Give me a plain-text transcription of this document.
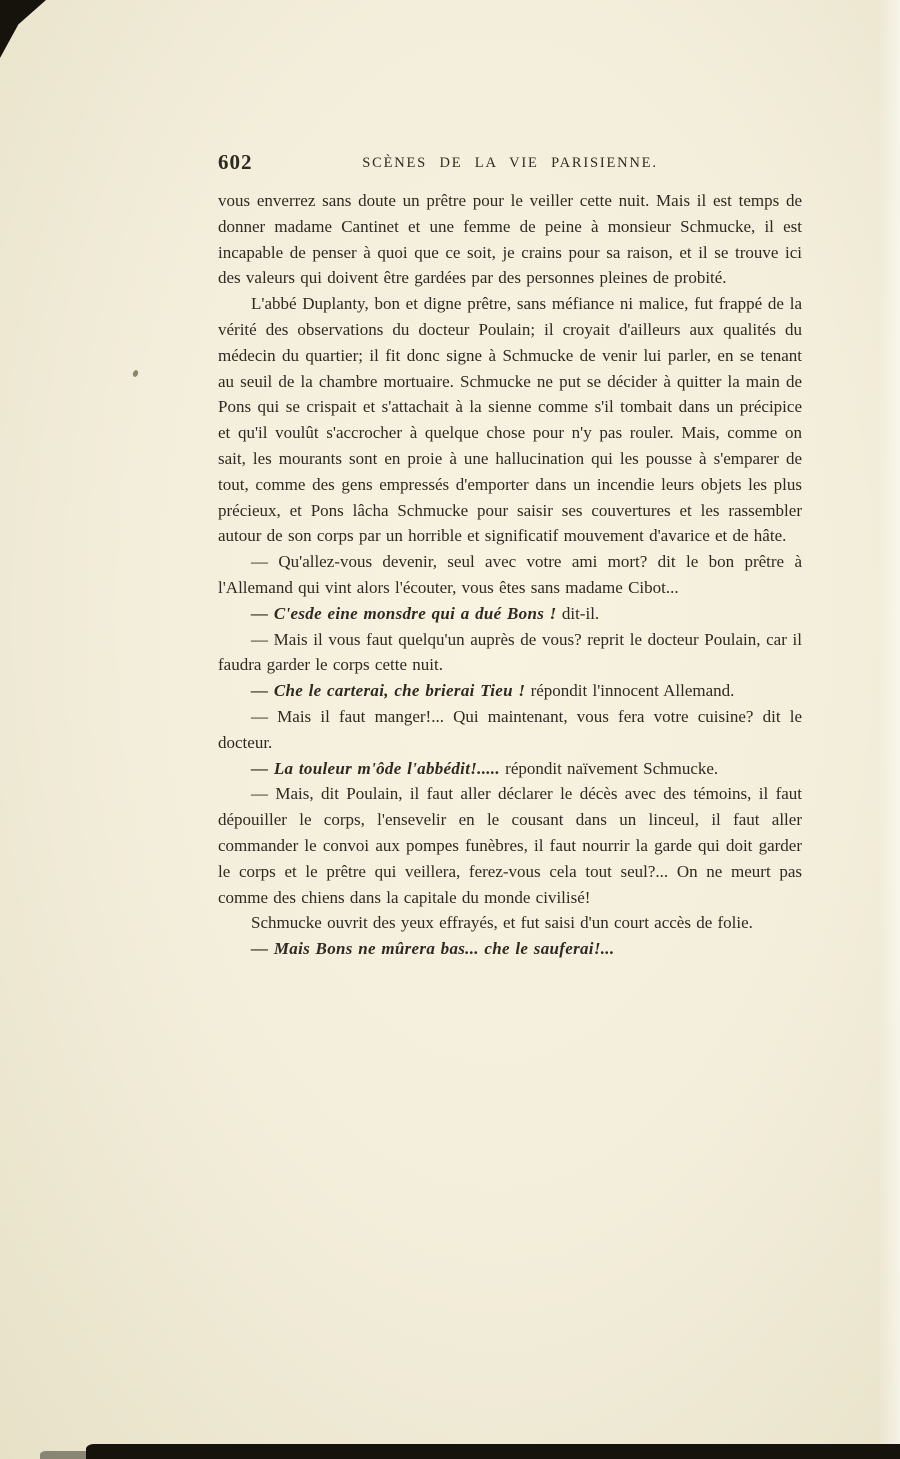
602	SCÈNES DE LA VIE PARISIENNE.

vous enverrez sans doute un prêtre pour le veiller cette nuit. Mais il est temps de donner madame Cantinet et une femme de peine à monsieur Schmucke, il est incapable de penser à quoi que ce soit, je crains pour sa raison, et il se trouve ici des valeurs qui doivent être gardées par des personnes pleines de probité.

L'abbé Duplanty, bon et digne prêtre, sans méfiance ni malice, fut frappé de la vérité des observations du docteur Poulain; il croyait d'ailleurs aux qualités du médecin du quartier; il fit donc signe à Schmucke de venir lui parler, en se tenant au seuil de la chambre mortuaire. Schmucke ne put se décider à quitter la main de Pons qui se crispait et s'attachait à la sienne comme s'il tombait dans un précipice et qu'il voulût s'accrocher à quelque chose pour n'y pas rouler. Mais, comme on sait, les mourants sont en proie à une hallucination qui les pousse à s'emparer de tout, comme des gens empressés d'emporter dans un incendie leurs objets les plus précieux, et Pons lâcha Schmucke pour saisir ses couvertures et les rassembler autour de son corps par un horrible et significatif mouvement d'avarice et de hâte.

— Qu'allez-vous devenir, seul avec votre ami mort? dit le bon prêtre à l'Allemand qui vint alors l'écouter, vous êtes sans madame Cibot...

— C'esde eine monsdre qui a dué Bons ! dit-il.

— Mais il vous faut quelqu'un auprès de vous? reprit le docteur Poulain, car il faudra garder le corps cette nuit.

— Che le carterai, che brierai Tieu ! répondit l'innocent Allemand.

— Mais il faut manger!... Qui maintenant, vous fera votre cuisine? dit le docteur.

— La touleur m'ôde l'abbédit!..... répondit naïvement Schmucke.

— Mais, dit Poulain, il faut aller déclarer le décès avec des témoins, il faut dépouiller le corps, l'ensevelir en le cousant dans un linceul, il faut aller commander le convoi aux pompes funèbres, il faut nourrir la garde qui doit garder le corps et le prêtre qui veillera, ferez-vous cela tout seul?... On ne meurt pas comme des chiens dans la capitale du monde civilisé!

Schmucke ouvrit des yeux effrayés, et fut saisi d'un court accès de folie.

— Mais Bons ne mûrera bas... che le sauferai!...
